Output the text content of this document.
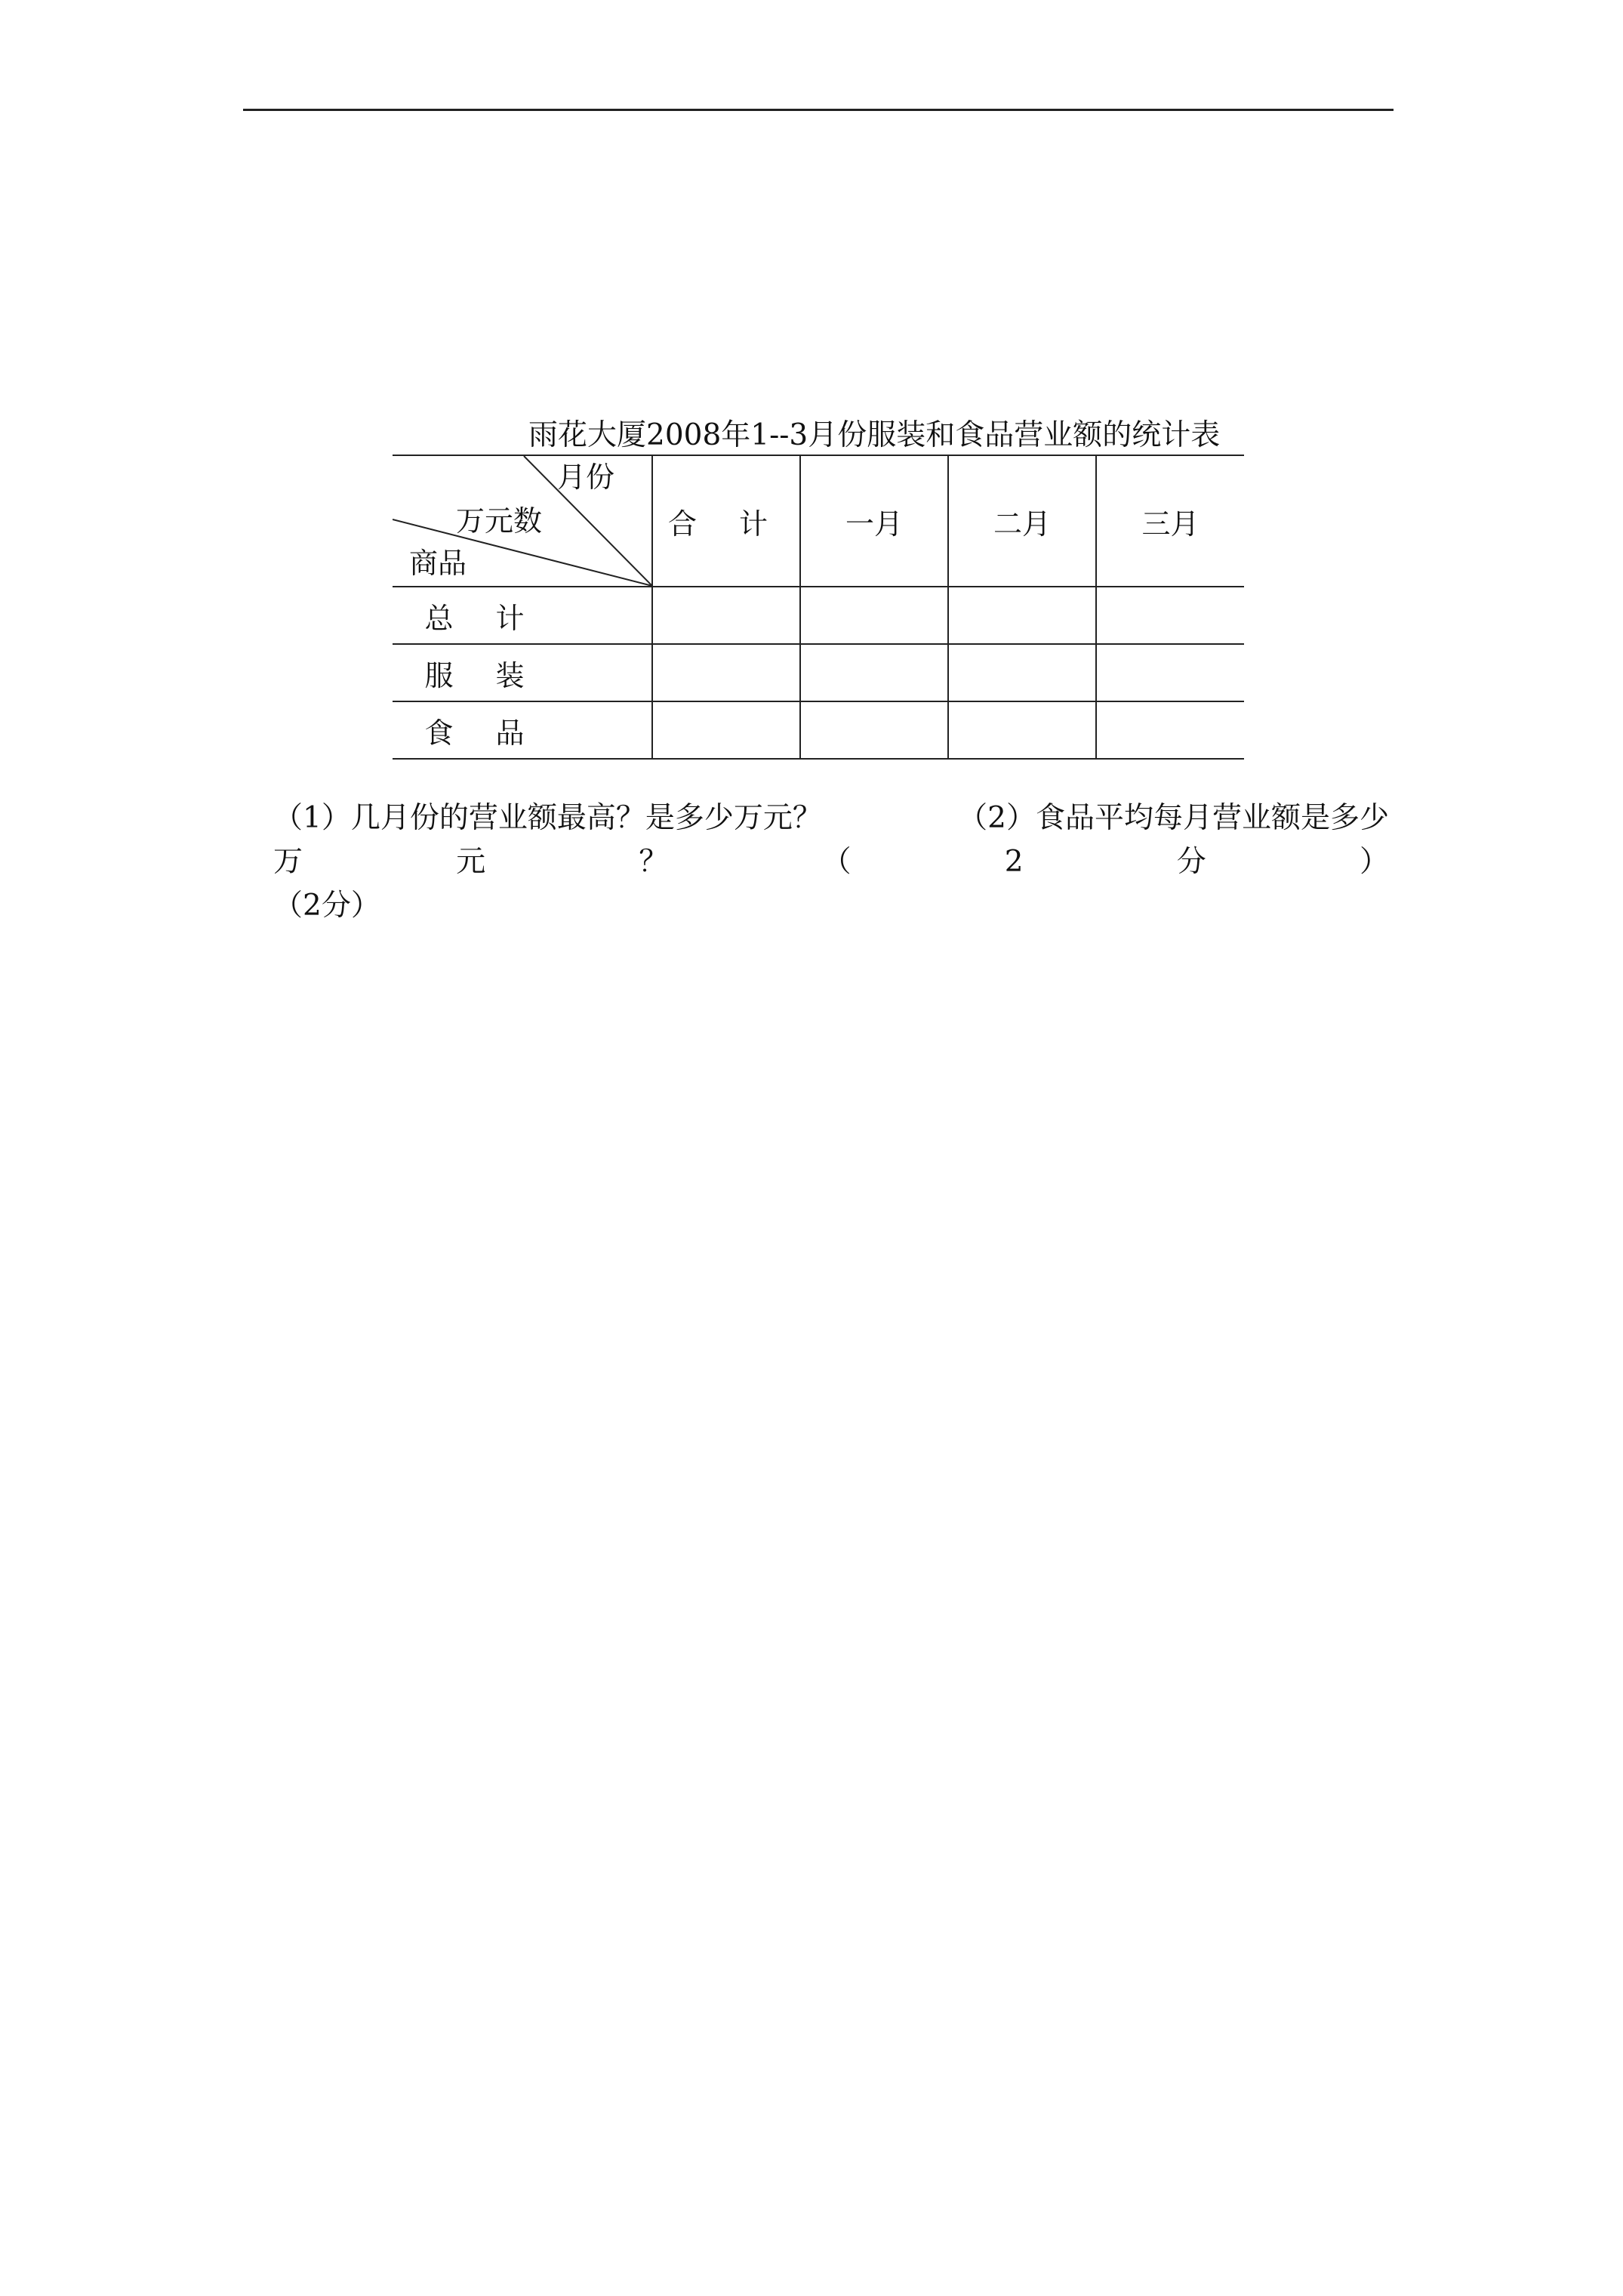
雨花大厦2008年1--3月份服装和食品营业额的统计表
月份
万元数
商品	合 计	一月	二月	三月
总 计				
服 装				
食 品				
（1）几月份的营业额最高？是多少万元？	（2）食品平均每月营业额是多少
万	元	？	（	2	分	）
（2分）
